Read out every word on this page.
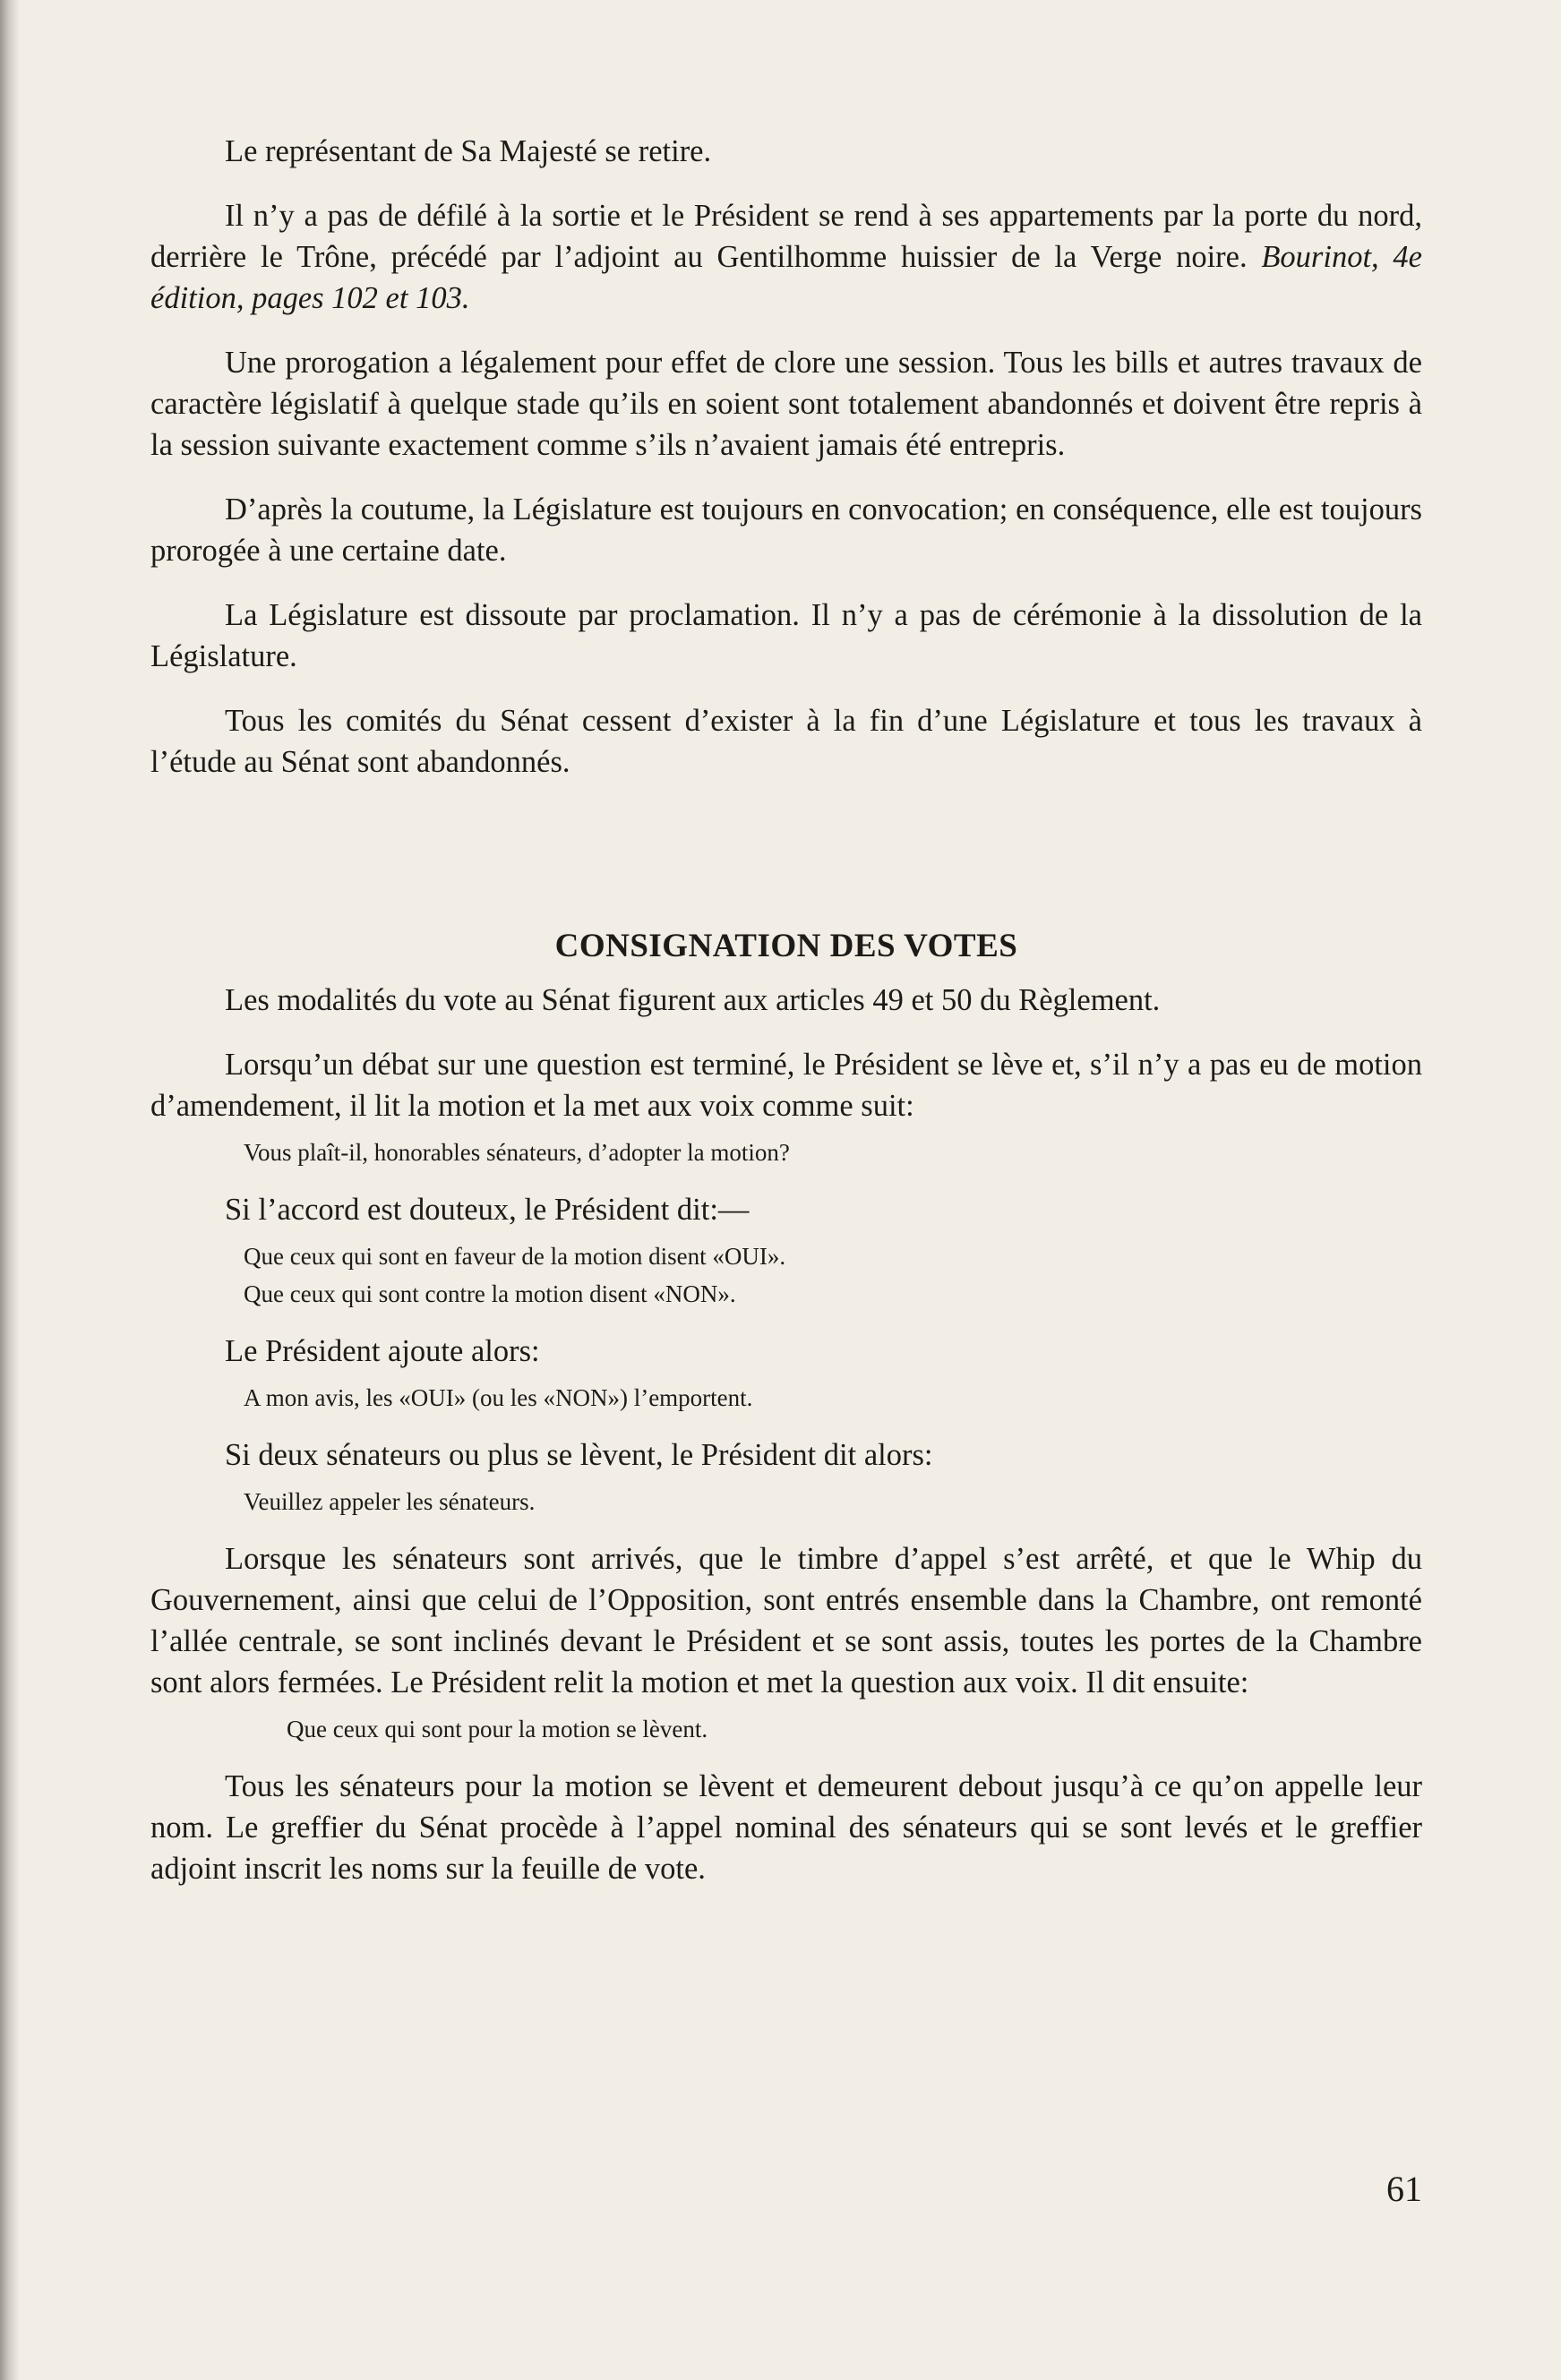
Le représentant de Sa Majesté se retire.

Il n’y a pas de défilé à la sortie et le Président se rend à ses appartements par la porte du nord, derrière le Trône, précédé par l’adjoint au Gentilhomme huissier de la Verge noire. Bourinot, 4e édition, pages 102 et 103.

Une prorogation a légalement pour effet de clore une session. Tous les bills et autres travaux de caractère législatif à quelque stade qu’ils en soient sont totalement abandonnés et doivent être repris à la session suivante exactement comme s’ils n’avaient jamais été entrepris.

D’après la coutume, la Législature est toujours en convocation; en conséquence, elle est toujours prorogée à une certaine date.

La Législature est dissoute par proclamation. Il n’y a pas de cérémonie à la dissolution de la Législature.

Tous les comités du Sénat cessent d’exister à la fin d’une Législature et tous les travaux à l’étude au Sénat sont abandonnés.

CONSIGNATION DES VOTES

Les modalités du vote au Sénat figurent aux articles 49 et 50 du Règlement.

Lorsqu’un débat sur une question est terminé, le Président se lève et, s’il n’y a pas eu de motion d’amendement, il lit la motion et la met aux voix comme suit:

Vous plaît-il, honorables sénateurs, d’adopter la motion?

Si l’accord est douteux, le Président dit:—

Que ceux qui sont en faveur de la motion disent «OUI».
Que ceux qui sont contre la motion disent «NON».

Le Président ajoute alors:

A mon avis, les «OUI» (ou les «NON») l’emportent.

Si deux sénateurs ou plus se lèvent, le Président dit alors:

Veuillez appeler les sénateurs.

Lorsque les sénateurs sont arrivés, que le timbre d’appel s’est arrêté, et que le Whip du Gouvernement, ainsi que celui de l’Opposition, sont entrés ensemble dans la Chambre, ont remonté l’allée centrale, se sont inclinés devant le Président et se sont assis, toutes les portes de la Chambre sont alors fermées. Le Président relit la motion et met la question aux voix. Il dit ensuite:

Que ceux qui sont pour la motion se lèvent.

Tous les sénateurs pour la motion se lèvent et demeurent debout jusqu’à ce qu’on appelle leur nom. Le greffier du Sénat procède à l’appel nominal des sénateurs qui se sont levés et le greffier adjoint inscrit les noms sur la feuille de vote.

61
